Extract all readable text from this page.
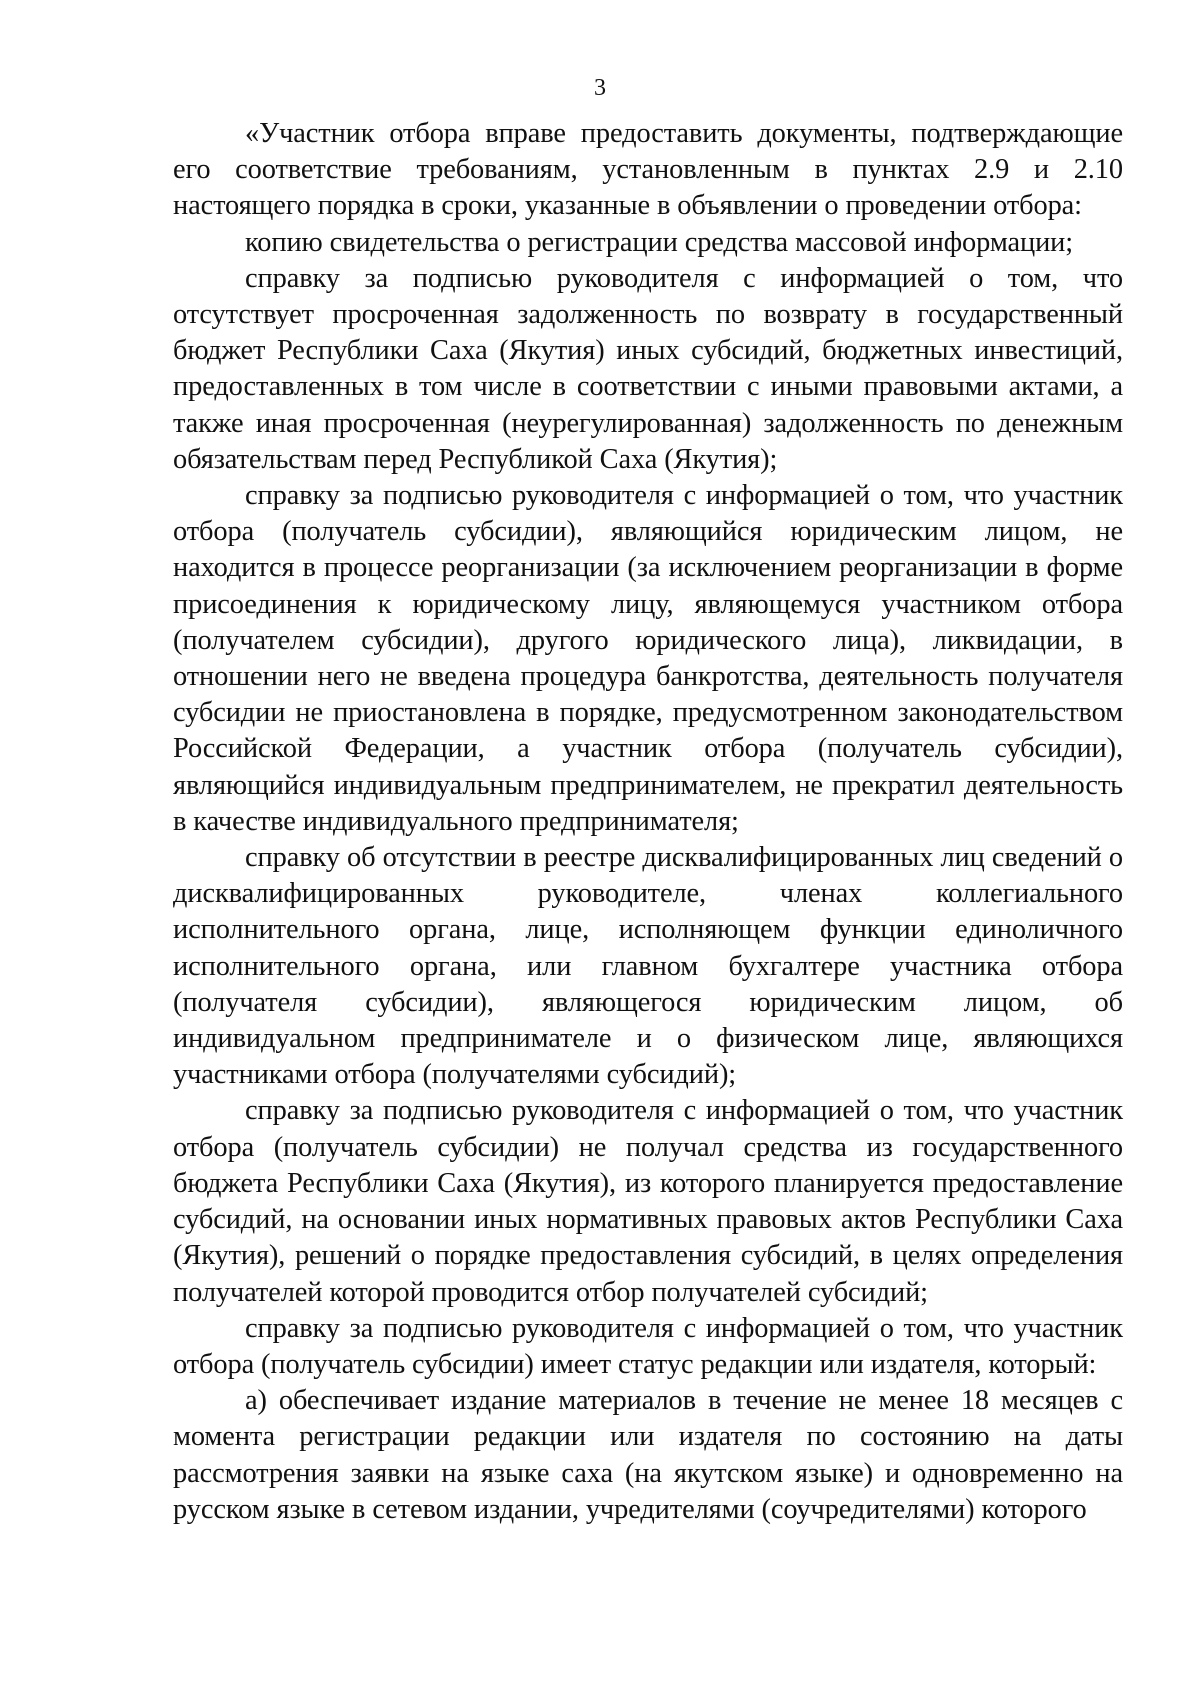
3

«Участник отбора вправе предоставить документы, подтверждающие его соответствие требованиям, установленным в пунктах 2.9 и 2.10 настоящего порядка в сроки, указанные в объявлении о проведении отбора:

копию свидетельства о регистрации средства массовой информации;

справку за подписью руководителя с информацией о том, что отсутствует просроченная задолженность по возврату в государственный бюджет Республики Саха (Якутия) иных субсидий, бюджетных инвестиций, предоставленных в том числе в соответствии с иными правовыми актами, а также иная просроченная (неурегулированная) задолженность по денежным обязательствам перед Республикой Саха (Якутия);

справку за подписью руководителя с информацией о том, что участник отбора (получатель субсидии), являющийся юридическим лицом, не находится в процессе реорганизации (за исключением реорганизации в форме присоединения к юридическому лицу, являющемуся участником отбора (получателем субсидии), другого юридического лица), ликвидации, в отношении него не введена процедура банкротства, деятельность получателя субсидии не приостановлена в порядке, предусмотренном законодательством Российской Федерации, а участник отбора (получатель субсидии), являющийся индивидуальным предпринимателем, не прекратил деятельность в качестве индивидуального предпринимателя;

справку об отсутствии в реестре дисквалифицированных лиц сведений о дисквалифицированных руководителе, членах коллегиального исполнительного органа, лице, исполняющем функции единоличного исполнительного органа, или главном бухгалтере участника отбора (получателя субсидии), являющегося юридическим лицом, об индивидуальном предпринимателе и о физическом лице, являющихся участниками отбора (получателями субсидий);

справку за подписью руководителя с информацией о том, что участник отбора (получатель субсидии) не получал средства из государственного бюджета Республики Саха (Якутия), из которого планируется предоставление субсидий, на основании иных нормативных правовых актов Республики Саха (Якутия), решений о порядке предоставления субсидий, в целях определения получателей которой проводится отбор получателей субсидий;

справку за подписью руководителя с информацией о том, что участник отбора (получатель субсидии) имеет статус редакции или издателя, который:

а) обеспечивает издание материалов в течение не менее 18 месяцев с момента регистрации редакции или издателя по состоянию на даты рассмотрения заявки на языке саха (на якутском языке) и одновременно на русском языке в сетевом издании, учредителями (соучредителями) которого
